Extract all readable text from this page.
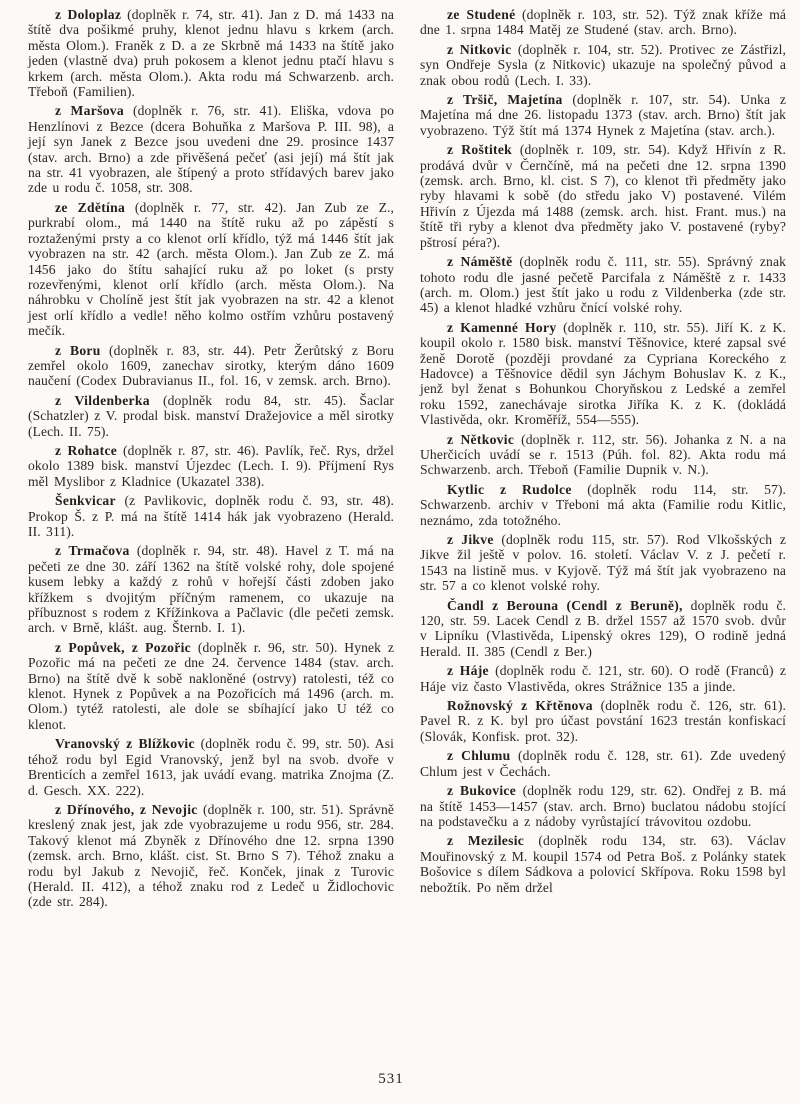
z Doloplaz (doplněk r. 74, str. 41). Jan z D. má 1433 na štítě dva pošikmé pruhy, klenot jednu hlavu s krkem (arch. města Olom.). Franěk z D. a ze Skrbně má 1433 na štítě jako jeden (vlastně dva) pruh pokosem a klenot jednu ptačí hlavu s krkem (arch. města Olom.). Akta rodu má Schwarzenb. arch. Třeboň (Familien).

z Maršova (doplněk r. 76, str. 41). Eliška, vdova po Henzlínovi z Bezce (dcera Bohuňka z Maršova P. III. 98), a její syn Janek z Bezce jsou uvedeni dne 29. prosince 1437 (stav. arch. Brno) a zde přivěšená pečeť (asi její) má štít jak na str. 41 vyobrazen, ale štípený a proto střídavých barev jako zde u rodu č. 1058, str. 308.

ze Zdětína (doplněk r. 77, str. 42). Jan Zub ze Z., purkrabí olom., má 1440 na štítě ruku až po zápěstí s roztaženými prsty a co klenot orlí křídlo, týž má 1446 štít jak vyobrazen na str. 42 (arch. města Olom.). Jan Zub ze Z. má 1456 jako do štítu sahající ruku až po loket (s prsty rozevřenými, klenot orlí křídlo (arch. města Olom.). Na náhrobku v Cholíně jest štít jak vyobrazen na str. 42 a klenot jest orlí křídlo a vedle! něho kolmo ostřím vzhůru postavený mečík.

z Boru (doplněk r. 83, str. 44). Petr Žerůtský z Boru zemřel okolo 1609, zanechav sirotky, kterým dáno 1609 naučení (Codex Dubravianus II., fol. 16, v zemsk. arch. Brno).

z Vildenberka (doplněk rodu 84, str. 45). Šaclar (Schatzler) z V. prodal bisk. manství Dražejovice a měl sirotky (Lech. II. 75).

z Rohatce (doplněk r. 87, str. 46). Pavlík, řeč. Rys, držel okolo 1389 bisk. manství Újezdec (Lech. I. 9). Příjmení Rys měl Myslibor z Kladnice (Ukazatel 338).

Šenkvicar (z Pavlikovic, doplněk rodu č. 93, str. 48). Prokop Š. z P. má na štítě 1414 hák jak vyobrazeno (Herald. II. 311).

z Trmačova (doplněk r. 94, str. 48). Havel z T. má na pečeti ze dne 30. září 1362 na štítě volské rohy, dole spojené kusem lebky a každý z rohů v hořejší části zdoben jako křížkem s dvojitým příčným ramenem, co ukazuje na příbuznost s rodem z Křížinkova a Pačlavic (dle pečeti zemsk. arch. v Brně, klášt. aug. Šternb. I. 1).

z Popůvek, z Pozořic (doplněk r. 96, str. 50). Hynek z Pozořic má na pečeti ze dne 24. července 1484 (stav. arch. Brno) na štítě dvě k sobě nakloněné (ostrvy) ratolesti, též co klenot. Hynek z Popůvek a na Pozořicích má 1496 (arch. m. Olom.) tytéž ratolesti, ale dole se sbíhající jako U též co klenot.

Vranovský z Blížkovic (doplněk rodu č. 99, str. 50). Asi téhož rodu byl Egid Vranovský, jenž byl na svob. dvoře v Brenticích a zemřel 1613, jak uvádí evang. matrika Znojma (Z. d. Gesch. XX. 222).

z Dřínového, z Nevojic (doplněk r. 100, str. 51). Správně kreslený znak jest, jak zde vyobrazujeme u rodu 956, str. 284. Takový klenot má Zbyněk z Dřínového dne 12. srpna 1390 (zemsk. arch. Brno, klášt. cist. St. Brno S 7). Téhož znaku a rodu byl Jakub z Nevojič, řeč. Konček, jinak z Turovic (Herald. II. 412), a téhož znaku rod z Ledeč u Židlochovic (zde str. 284).

ze Studené (doplněk r. 103, str. 52). Týž znak kříže má dne 1. srpna 1484 Matěj ze Studené (stav. arch. Brno).

z Nitkovic (doplněk r. 104, str. 52). Protivec ze Zástřizl, syn Ondřeje Sysla (z Nitkovic) ukazuje na společný původ a znak obou rodů (Lech. I. 33).

z Tršič, Majetína (doplněk r. 107, str. 54). Unka z Majetína má dne 26. listopadu 1373 (stav. arch. Brno) štít jak vyobrazeno. Týž štít má 1374 Hynek z Majetína (stav. arch.).

z Roštitek (doplněk r. 109, str. 54). Když Hřivín z R. prodává dvůr v Černčíně, má na pečeti dne 12. srpna 1390 (zemsk. arch. Brno, kl. cist. S 7), co klenot tři předměty jako ryby hlavami k sobě (do středu jako V) postavené. Vilém Hřivín z Újezda má 1488 (zemsk. arch. hist. Frant. mus.) na štítě tři ryby a klenot dva předměty jako V. postavené (ryby? pštrosí péra?).

z Náměště (doplněk rodu č. 111, str. 55). Správný znak tohoto rodu dle jasné pečetě Parcifala z Náměště z r. 1433 (arch. m. Olom.) jest štít jako u rodu z Vildenberka (zde str. 45) a klenot hladké vzhůru čnící volské rohy.

z Kamenné Hory (doplněk r. 110, str. 55). Jiří K. z K. koupil okolo r. 1580 bisk. manství Těšnovice, které zapsal své ženě Dorotě (později provdané za Cypriana Koreckého z Hadovce) a Těšnovice dědil syn Jáchym Bohuslav K. z K., jenž byl ženat s Bohunkou Choryňskou z Ledské a zemřel roku 1592, zanechávaje sirotka Jiříka K. z K. (dokládá Vlastivěda, okr. Kroměříž, 554—555).

z Nětkovic (doplněk r. 112, str. 56). Johanka z N. a na Uherčicích uvádí se r. 1513 (Púh. fol. 82). Akta rodu má Schwarzenb. arch. Třeboň (Familie Dupnik v. N.).

Kytlic z Rudolce (doplněk rodu 114, str. 57). Schwarzenb. archiv v Třeboni má akta (Familie rodu Kitlic, neznámo, zda totožného.

z Jikve (doplněk rodu 115, str. 57). Rod Vlkošských z Jikve žil ještě v polov. 16. století. Václav V. z J. pečetí r. 1543 na listině mus. v Kyjově. Týž má štít jak vyobrazeno na str. 57 a co klenot volské rohy.

Čandl z Berouna (Cendl z Beruně), doplněk rodu č. 120, str. 59. Lacek Cendl z B. držel 1557 až 1570 svob. dvůr v Lipníku (Vlastivěda, Lipenský okres 129), O rodině jedná Herald. II. 385 (Cendl z Ber.)

z Háje (doplněk rodu č. 121, str. 60). O rodě (Franců) z Háje viz často Vlastivěda, okres Strážnice 135 a jinde.

Rožnovský z Křtěnova (doplněk rodu č. 126, str. 61). Pavel R. z K. byl pro účast povstání 1623 trestán konfiskací (Slovák, Konfisk. prot. 32).

z Chlumu (doplněk rodu č. 128, str. 61). Zde uvedený Chlum jest v Čechách.

z Bukovice (doplněk rodu 129, str. 62). Ondřej z B. má na štítě 1453—1457 (stav. arch. Brno) buclatou nádobu stojící na podstavečku a z nádoby vyrůstající trávovitou ozdobu.

z Mezilesic (doplněk rodu 134, str. 63). Václav Mouřinovský z M. koupil 1574 od Petra Boš. z Polánky statek Bošovice s dílem Sádkova a polovicí Skřípova. Roku 1598 byl nebožtík. Po něm držel

531
